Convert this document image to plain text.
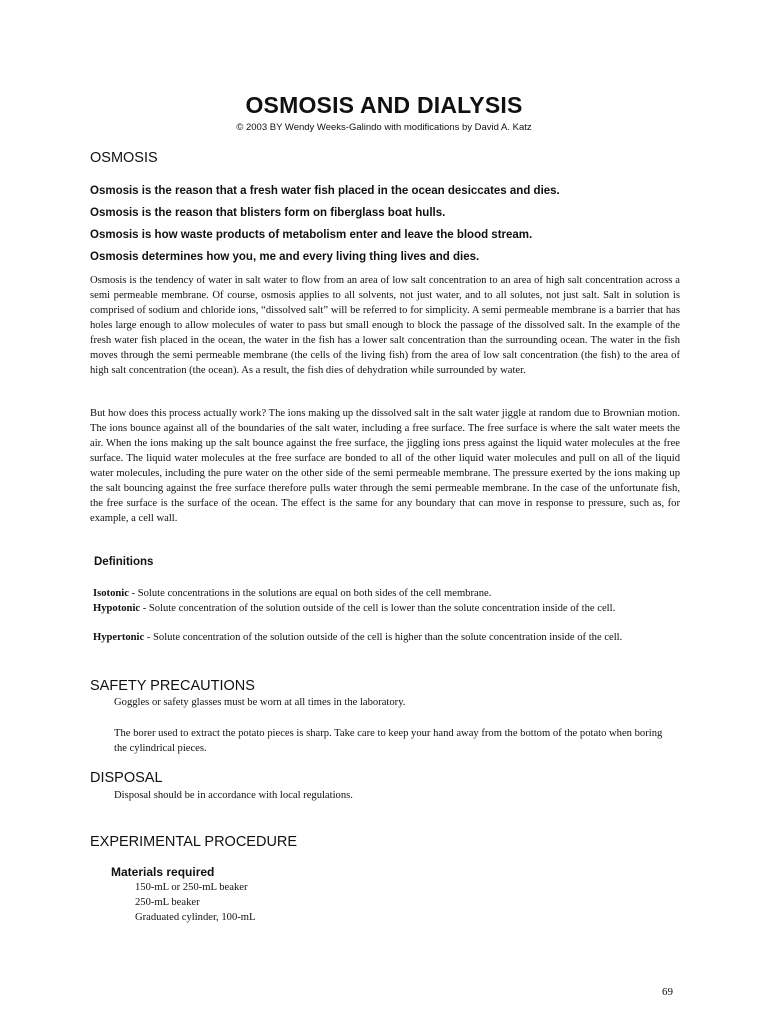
OSMOSIS AND DIALYSIS
© 2003 BY Wendy Weeks-Galindo with modifications by David A. Katz
OSMOSIS
Osmosis is the reason that a fresh water fish placed in the ocean desiccates and dies.
Osmosis is the reason that blisters form on fiberglass boat hulls.
Osmosis is how waste products of metabolism enter and leave the blood stream.
Osmosis determines how you, me and every living thing lives and dies.

Osmosis is the tendency of water in salt water to flow from an area of low salt concentration to an area of high salt concentration across a semi permeable membrane. Of course, osmosis applies to all solvents, not just water, and to all solutes, not just salt. Salt in solution is comprised of sodium and chloride ions, “dissolved salt” will be referred to for simplicity. A semi permeable membrane is a barrier that has holes large enough to allow molecules of water to pass but small enough to block the passage of the dissolved salt. In the example of the fresh water fish placed in the ocean, the water in the fish has a lower salt concentration than the surrounding ocean. The water in the fish moves through the semi permeable membrane (the cells of the living fish) from the area of low salt concentration (the fish) to the area of high salt concentration (the ocean). As a result, the fish dies of dehydration while surrounded by water.

But how does this process actually work? The ions making up the dissolved salt in the salt water jiggle at random due to Brownian motion. The ions bounce against all of the boundaries of the salt water, including a free surface. The free surface is where the salt water meets the air. When the ions making up the salt bounce against the free surface, the jiggling ions press against the liquid water molecules at the free surface. The liquid water molecules at the free surface are bonded to all of the other liquid water molecules and pull on all of the liquid water molecules, including the pure water on the other side of the semi permeable membrane. The pressure exerted by the ions making up the salt bouncing against the free surface therefore pulls water through the semi permeable membrane. In the case of the unfortunate fish, the free surface is the surface of the ocean. The effect is the same for any boundary that can move in response to pressure, such as, for example, a cell wall.

Definitions

Isotonic - Solute concentrations in the solutions are equal on both sides of the cell membrane.

Hypotonic - Solute concentration of the solution outside of the cell is lower than the solute concentration inside of the cell.

Hypertonic - Solute concentration of the solution outside of the cell is higher than the solute concentration inside of the cell.

SAFETY PRECAUTIONS

Goggles or safety glasses must be worn at all times in the laboratory.

The borer used to extract the potato pieces is sharp. Take care to keep your hand away from the bottom of the potato when boring the cylindrical pieces.

DISPOSAL

Disposal should be in accordance with local regulations.

EXPERIMENTAL PROCEDURE
Materials required
150-mL or 250-mL beaker
250-mL beaker
Graduated cylinder, 100-mL
69
